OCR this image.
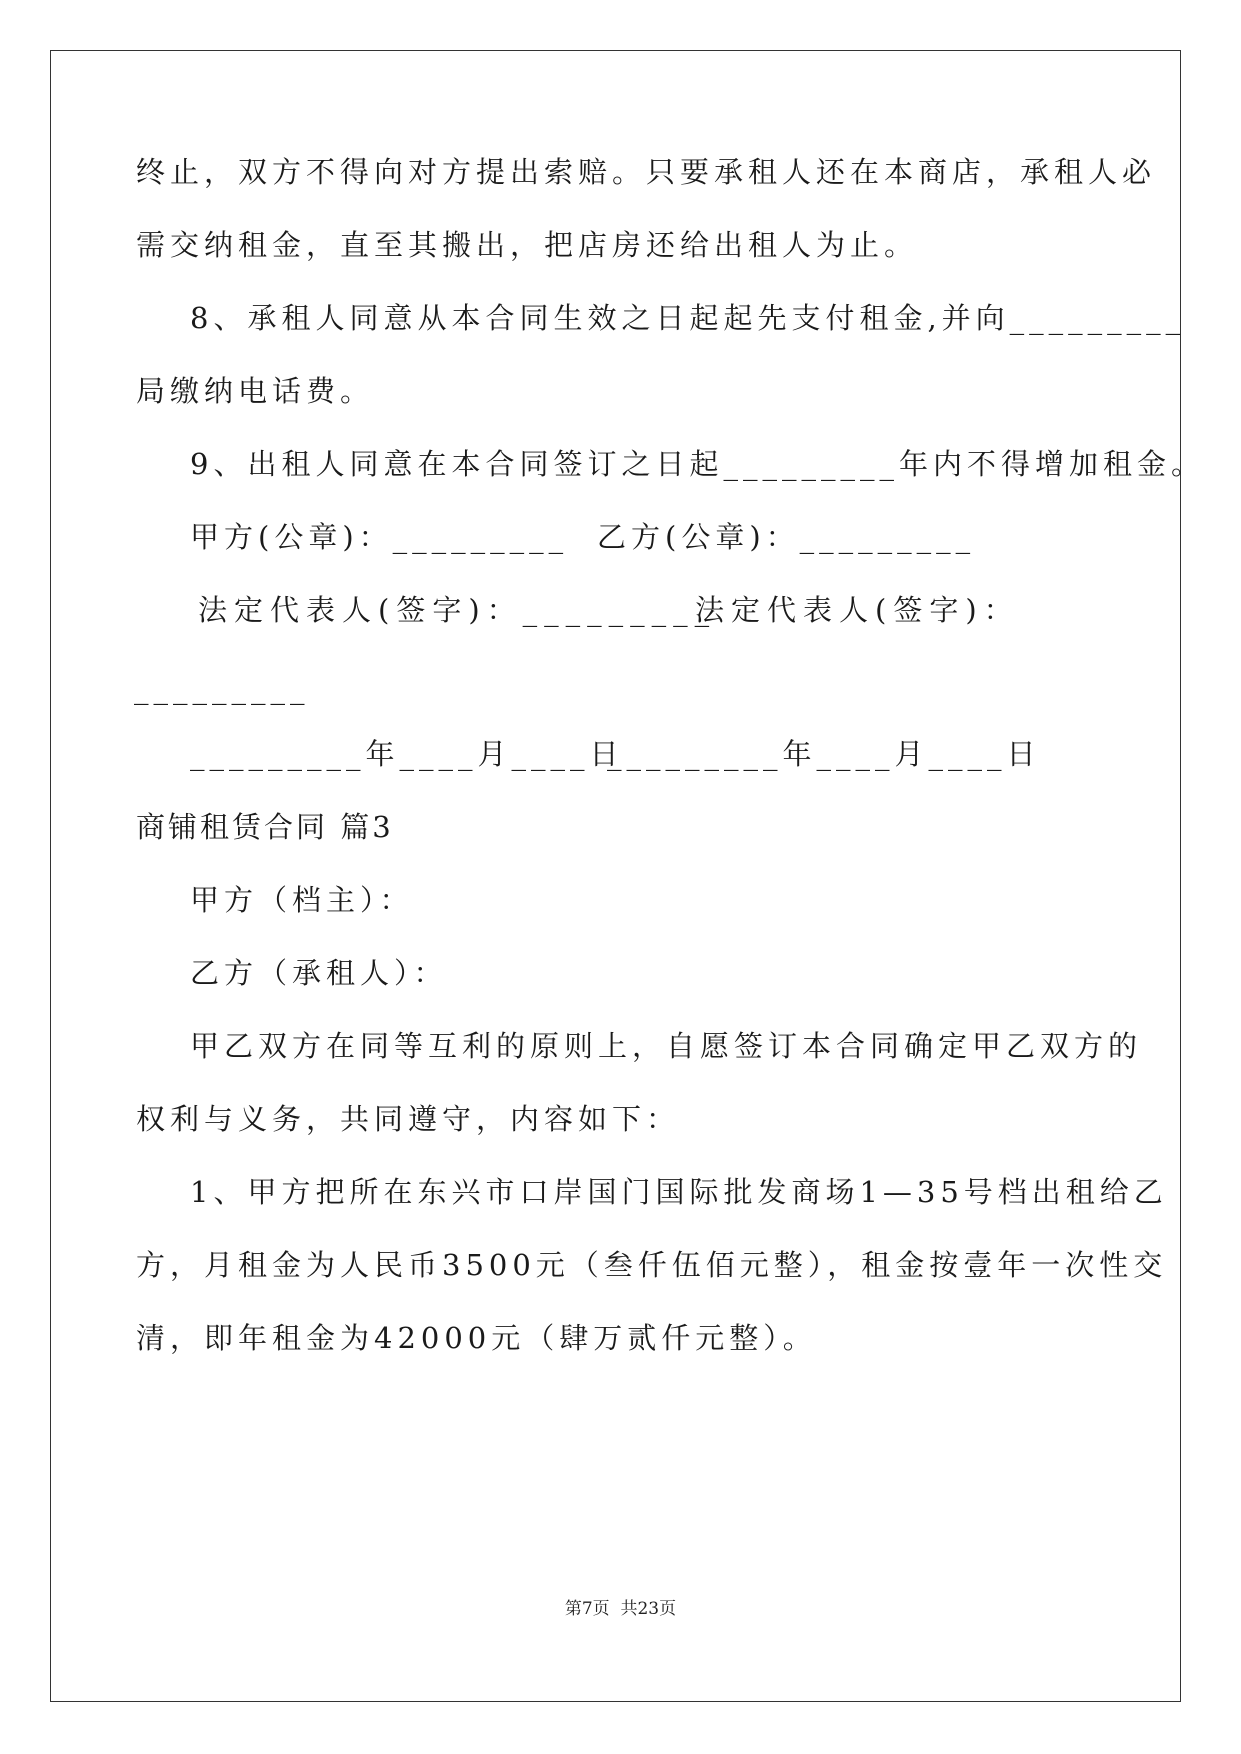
终止，双方不得向对方提出索赔。只要承租人还在本商店，承租人必
需交纳租金，直至其搬出，把店房还给出租人为止。
8、承租人同意从本合同生效之日起起先支付租金,并向_________
局缴纳电话费。
9、出租人同意在本合同签订之日起_________年内不得增加租金。
甲方(公章)：_________ 乙方(公章)：_________
法定代表人(签字)：_________
法定代表人(签字)：
_________
_________年____月____日
_________年____月____日
商铺租赁合同 篇3
甲方（档主）：
乙方（承租人）：
甲乙双方在同等互利的原则上，自愿签订本合同确定甲乙双方的
权利与义务，共同遵守，内容如下：
1、甲方把所在东兴市口岸国门国际批发商场1—35号档出租给乙
方，月租金为人民币3500元（叁仟伍佰元整），租金按壹年一次性交
清，即年租金为42000元（肆万贰仟元整）。
第7页  共23页
